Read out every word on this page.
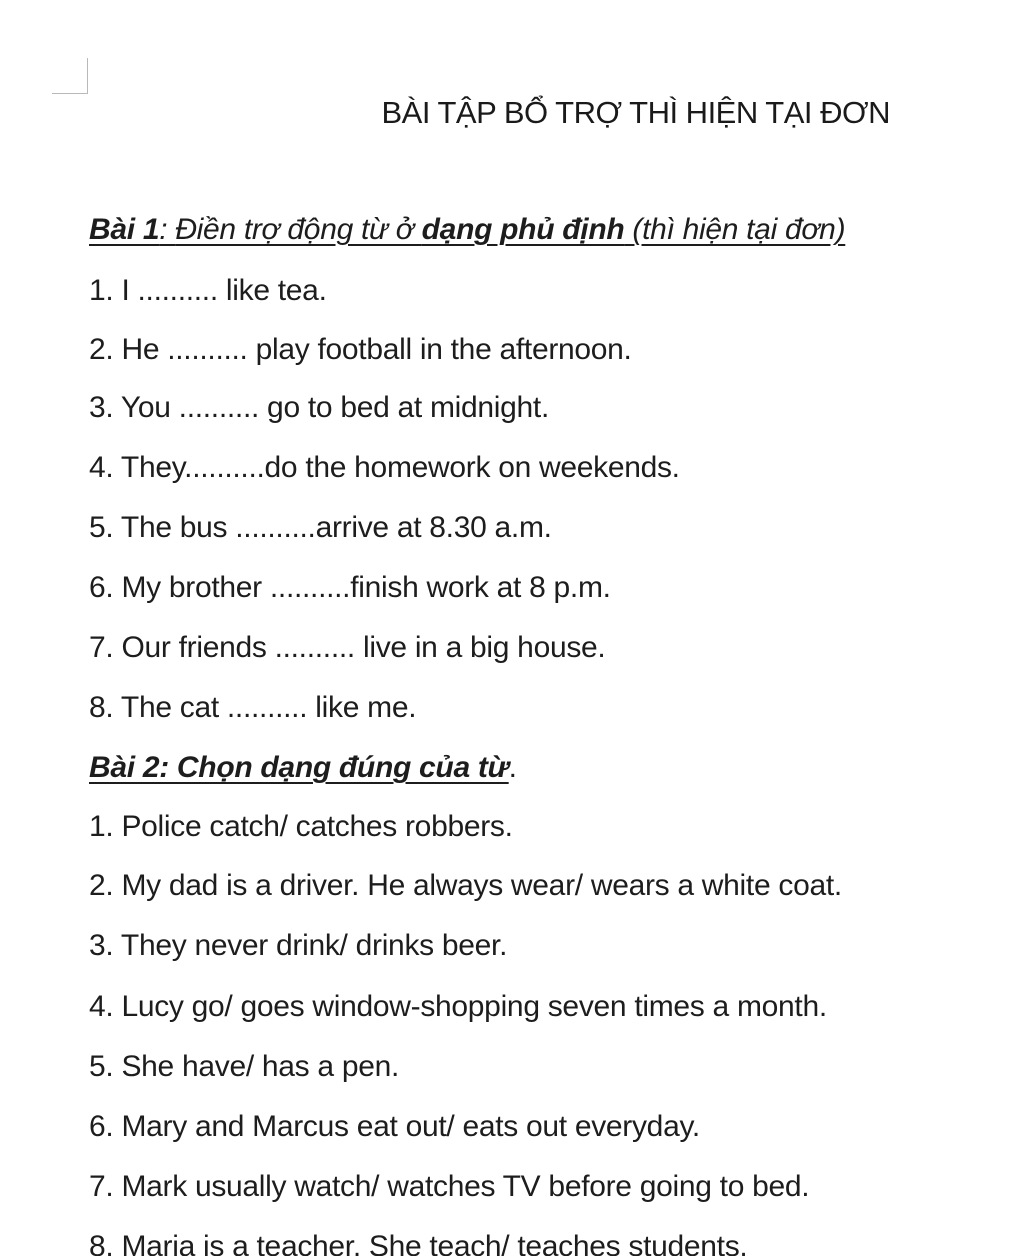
BÀI TẬP BỔ TRỢ THÌ HIỆN TẠI ĐƠN
Bài 1: Điền trợ động từ ở dạng phủ định (thì hiện tại đơn)
1. I .......... like tea.
2. He .......... play football in the afternoon.
3. You .......... go to bed at midnight.
4. They..........do the homework on weekends.
5. The bus ..........arrive at 8.30 a.m.
6. My brother ..........finish work at 8 p.m.
7. Our friends .......... live in a big house.
8. The cat .......... like me.
Bài 2: Chọn dạng đúng của từ.
1. Police catch/ catches robbers.
2. My dad is a driver. He always wear/ wears a white coat.
3. They never drink/ drinks beer.
4. Lucy go/ goes window-shopping seven times a month.
5. She have/ has a pen.
6. Mary and Marcus eat out/ eats out everyday.
7. Mark usually watch/ watches TV before going to bed.
8. Maria is a teacher. She teach/ teaches students.
